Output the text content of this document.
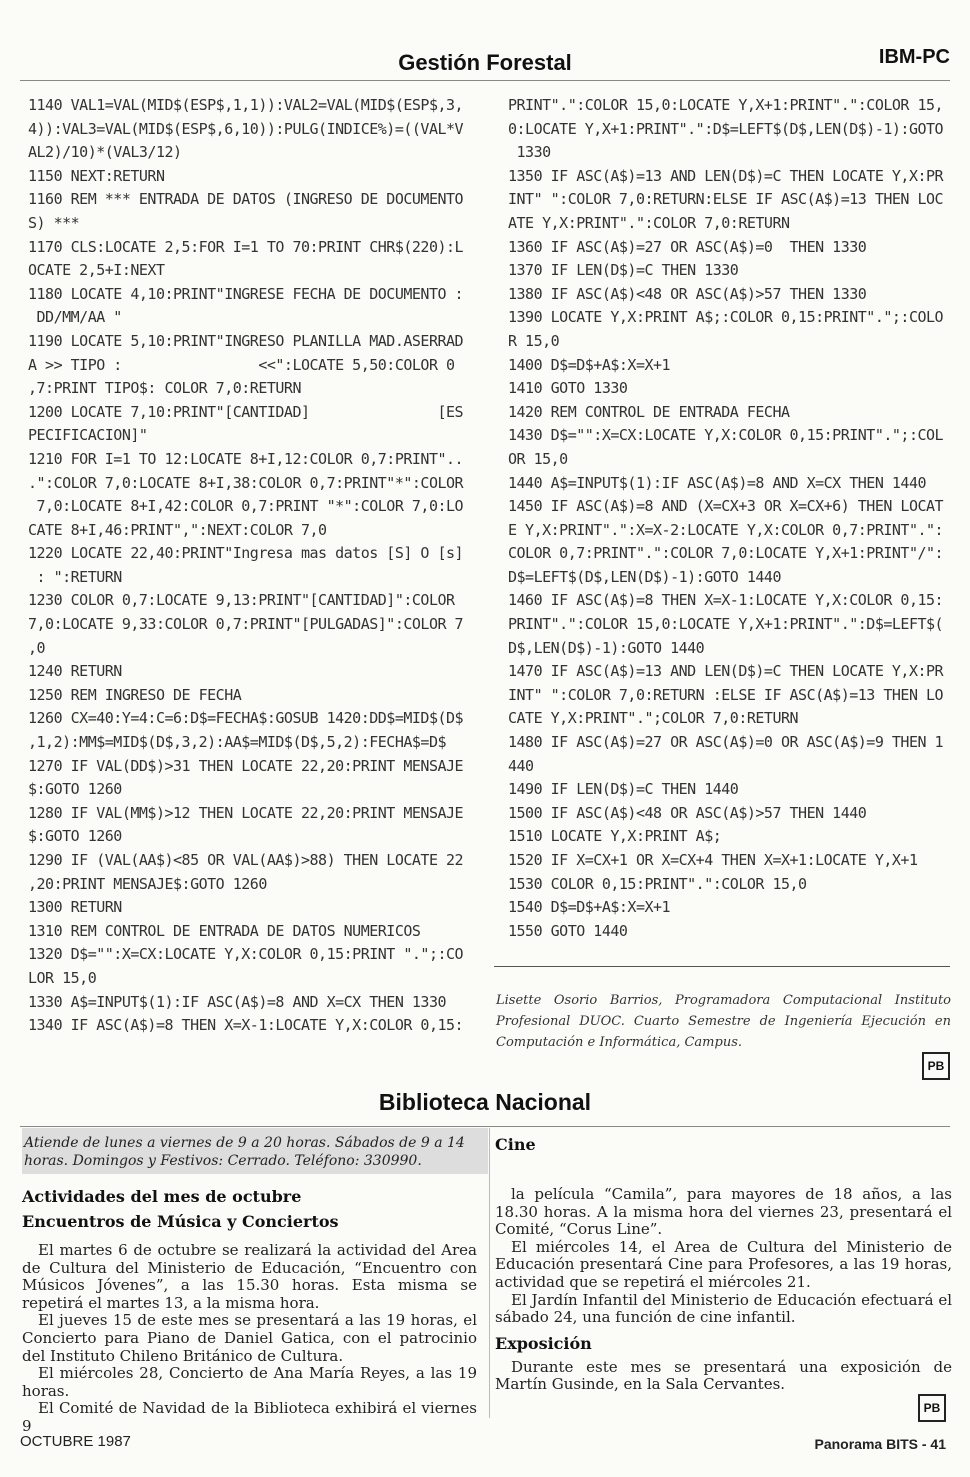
Gestión Forestal	IBM-PC
1140 VAL1=VAL(MID$(ESP$,1,1)):VAL2=VAL(MID$(ESP$,3,
4)):VAL3=VAL(MID$(ESP$,6,10)):PULG(INDICE%)=((VAL*V
AL2)/10)*(VAL3/12)
1150 NEXT:RETURN
1160 REM *** ENTRADA DE DATOS (INGRESO DE DOCUMENTO
S) ***
1170 CLS:LOCATE 2,5:FOR I=1 TO 70:PRINT CHR$(220):L
OCATE 2,5+I:NEXT
1180 LOCATE 4,10:PRINT"INGRESE FECHA DE DOCUMENTO :
DD/MM/AA "
1190 LOCATE 5,10:PRINT"INGRESO PLANILLA MAD.ASERRAD
A >> TIPO :                <<":LOCATE 5,50:COLOR 0
,7:PRINT TIPO$: COLOR 7,0:RETURN
1200 LOCATE 7,10:PRINT"[CANTIDAD]               [ES
PECIFICACION]"
1210 FOR I=1 TO 12:LOCATE 8+I,12:COLOR 0,7:PRINT"..
.":COLOR 7,0:LOCATE 8+I,38:COLOR 0,7:PRINT"*":COLOR
7,0:LOCATE 8+I,42:COLOR 0,7:PRINT "*":COLOR 7,0:LO
CATE 8+I,46:PRINT",":NEXT:COLOR 7,0
1220 LOCATE 22,40:PRINT"Ingresa mas datos [S] O [s]
: ":RETURN
1230 COLOR 0,7:LOCATE 9,13:PRINT"[CANTIDAD]":COLOR
7,0:LOCATE 9,33:COLOR 0,7:PRINT"[PULGADAS]":COLOR 7
,0
1240 RETURN
1250 REM INGRESO DE FECHA
1260 CX=40:Y=4:C=6:D$=FECHA$:GOSUB 1420:DD$=MID$(D$
,1,2):MM$=MID$(D$,3,2):AA$=MID$(D$,5,2):FECHA$=D$
1270 IF VAL(DD$)>31 THEN LOCATE 22,20:PRINT MENSAJE
$:GOTO 1260
1280 IF VAL(MM$)>12 THEN LOCATE 22,20:PRINT MENSAJE
$:GOTO 1260
1290 IF (VAL(AA$)<85 OR VAL(AA$)>88) THEN LOCATE 22
,20:PRINT MENSAJE$:GOTO 1260
1300 RETURN
1310 REM CONTROL DE ENTRADA DE DATOS NUMERICOS
1320 D$="":X=CX:LOCATE Y,X:COLOR 0,15:PRINT ".";:CO
LOR 15,0
1330 A$=INPUT$(1):IF ASC(A$)=8 AND X=CX THEN 1330
1340 IF ASC(A$)=8 THEN X=X-1:LOCATE Y,X:COLOR 0,15:
PRINT".":COLOR 15,0:LOCATE Y,X+1:PRINT".":COLOR 15,
0:LOCATE Y,X+1:PRINT".":D$=LEFT$(D$,LEN(D$)-1):GOTO
1330
1350 IF ASC(A$)=13 AND LEN(D$)=C THEN LOCATE Y,X:PR
INT" ":COLOR 7,0:RETURN:ELSE IF ASC(A$)=13 THEN LOC
ATE Y,X:PRINT".":COLOR 7,0:RETURN
1360 IF ASC(A$)=27 OR ASC(A$)=0  THEN 1330
1370 IF LEN(D$)=C THEN 1330
1380 IF ASC(A$)<48 OR ASC(A$)>57 THEN 1330
1390 LOCATE Y,X:PRINT A$;:COLOR 0,15:PRINT".";:COLO
R 15,0
1400 D$=D$+A$:X=X+1
1410 GOTO 1330
1420 REM CONTROL DE ENTRADA FECHA
1430 D$="":X=CX:LOCATE Y,X:COLOR 0,15:PRINT".";:COL
OR 15,0
1440 A$=INPUT$(1):IF ASC(A$)=8 AND X=CX THEN 1440
1450 IF ASC(A$)=8 AND (X=CX+3 OR X=CX+6) THEN LOCAT
E Y,X:PRINT".":X=X-2:LOCATE Y,X:COLOR 0,7:PRINT".":
COLOR 0,7:PRINT".":COLOR 7,0:LOCATE Y,X+1:PRINT"/":
D$=LEFT$(D$,LEN(D$)-1):GOTO 1440
1460 IF ASC(A$)=8 THEN X=X-1:LOCATE Y,X:COLOR 0,15:
PRINT".":COLOR 15,0:LOCATE Y,X+1:PRINT".":D$=LEFT$(
D$,LEN(D$)-1):GOTO 1440
1470 IF ASC(A$)=13 AND LEN(D$)=C THEN LOCATE Y,X:PR
INT" ":COLOR 7,0:RETURN :ELSE IF ASC(A$)=13 THEN LO
CATE Y,X:PRINT".";COLOR 7,0:RETURN
1480 IF ASC(A$)=27 OR ASC(A$)=0 OR ASC(A$)=9 THEN 1
440
1490 IF LEN(D$)=C THEN 1440
1500 IF ASC(A$)<48 OR ASC(A$)>57 THEN 1440
1510 LOCATE Y,X:PRINT A$;
1520 IF X=CX+1 OR X=CX+4 THEN X=X+1:LOCATE Y,X+1
1530 COLOR 0,15:PRINT".":COLOR 15,0
1540 D$=D$+A$:X=X+1
1550 GOTO 1440
Lisette Osorio Barrios, Programadora Computacional Instituto Profesional DUOC. Cuarto Semestre de Ingeniería Ejecución en Computación e Informática, Campus.
PB
Biblioteca Nacional
Atiende de lunes a viernes de 9 a 20 horas. Sábados de 9 a 14 horas. Domingos y Festivos: Cerrado. Teléfono: 330990.
Actividades del mes de octubre
Encuentros de Música y Conciertos

El martes 6 de octubre se realizará la actividad del Area de Cultura del Ministerio de Educación, “Encuentro con Músicos Jóvenes”, a las 15.30 horas. Esta misma se repetirá el martes 13, a la misma hora.

El jueves 15 de este mes se presentará a las 19 horas, el Concierto para Piano de Daniel Gatica, con el patrocinio del Instituto Chileno Británico de Cultura.

El miércoles 28, Concierto de Ana María Reyes, a las 19 horas.

El Comité de Navidad de la Biblioteca exhibirá el viernes 9

Cine

la película “Camila”, para mayores de 18 años, a las 18.30 horas. A la misma hora del viernes 23, presentará el Comité, “Corus Line”.

El miércoles 14, el Area de Cultura del Ministerio de Educación presentará Cine para Profesores, a las 19 horas, actividad que se repetirá el miércoles 21.

El Jardín Infantil del Ministerio de Educación efectuará el sábado 24, una función de cine infantil.

Exposición

Durante este mes se presentará una exposición de Martín Gusinde, en la Sala Cervantes.

PB
OCTUBRE 1987	Panorama BITS - 41
